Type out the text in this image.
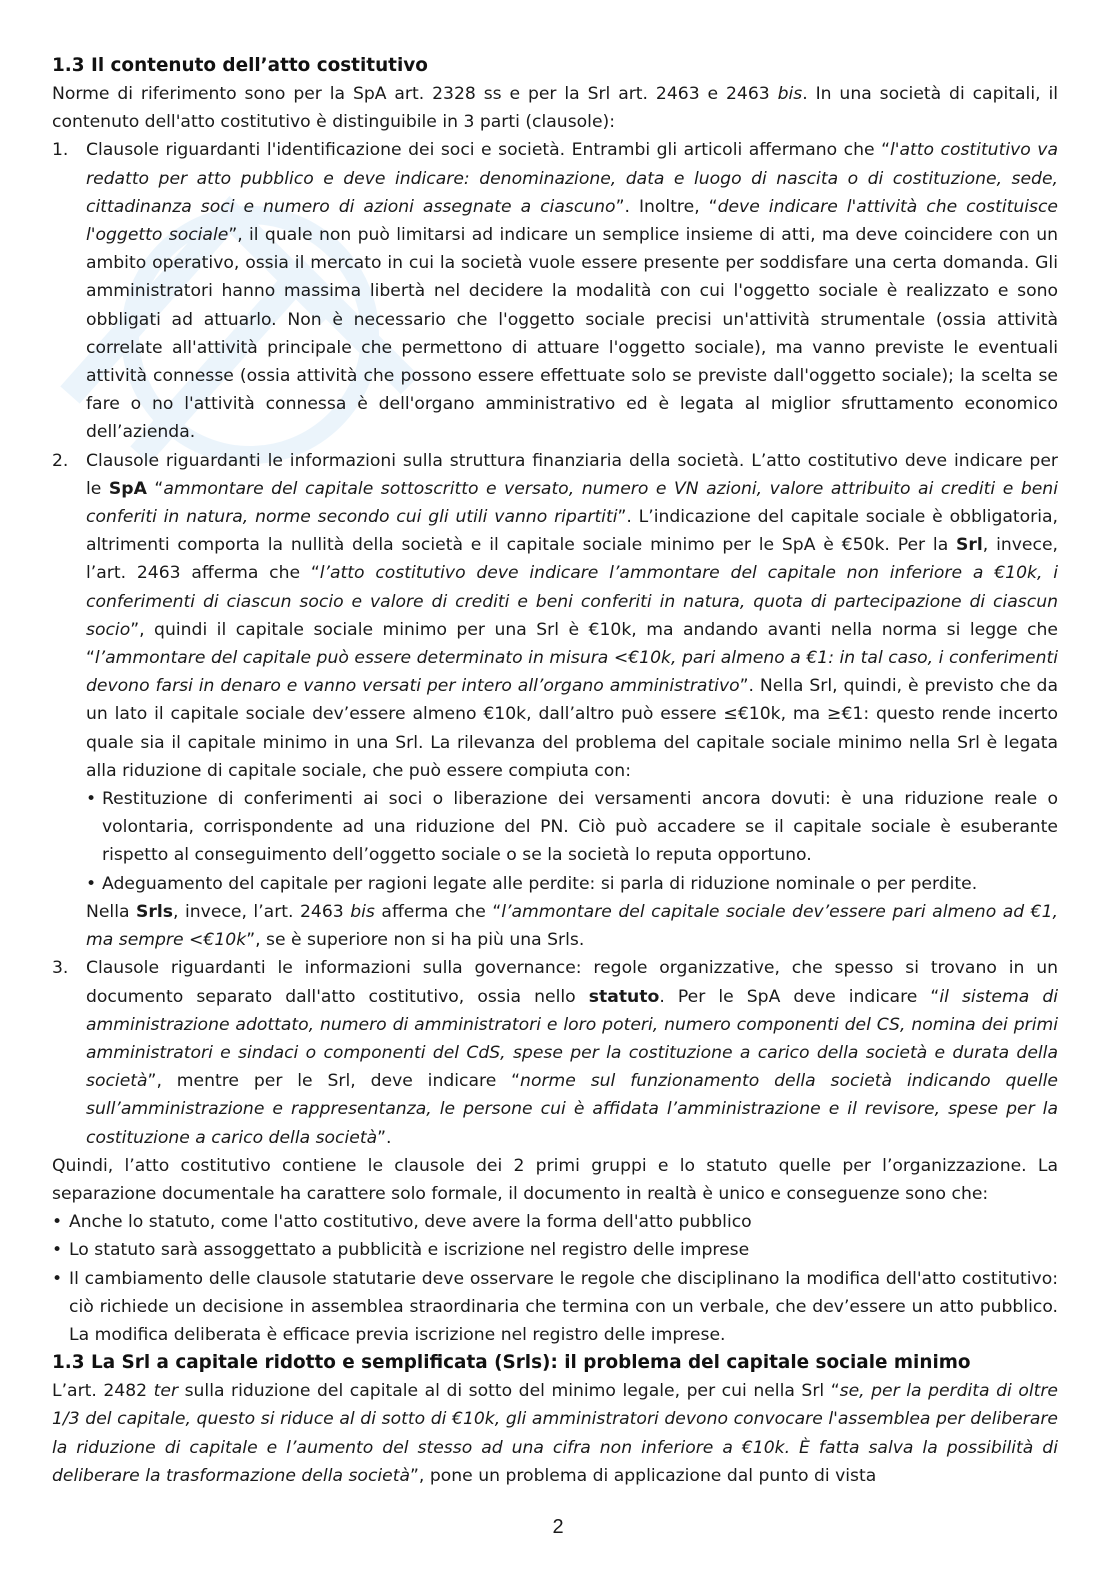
1.3 Il contenuto dell’atto costitutivo

Norme di riferimento sono per la SpA art. 2328 ss e per la Srl art. 2463 e 2463 bis. In una società di capitali, il contenuto dell'atto costitutivo è distinguibile in 3 parti (clausole):

1.	Clausole riguardanti l'identificazione dei soci e società. Entrambi gli articoli affermano che “l'atto costitutivo va redatto per atto pubblico e deve indicare: denominazione, data e luogo di nascita o di costituzione, sede, cittadinanza soci e numero di azioni assegnate a ciascuno”. Inoltre, “deve indicare l'attività che costituisce l'oggetto sociale”, il quale non può limitarsi ad indicare un semplice insieme di atti, ma deve coincidere con un ambito operativo, ossia il mercato in cui la società vuole essere presente per soddisfare una certa domanda. Gli amministratori hanno massima libertà nel decidere la modalità con cui l'oggetto sociale è realizzato e sono obbligati ad attuarlo. Non è necessario che l'oggetto sociale precisi un'attività strumentale (ossia attività correlate all'attività principale che permettono di attuare l'oggetto sociale), ma vanno previste le eventuali attività connesse (ossia attività che possono essere effettuate solo se previste dall'oggetto sociale); la scelta se fare o no l'attività connessa è dell'organo amministrativo ed è legata al miglior sfruttamento economico dell’azienda.
2.	Clausole riguardanti le informazioni sulla struttura finanziaria della società. L’atto costitutivo deve indicare per le SpA “ammontare del capitale sottoscritto e versato, numero e VN azioni, valore attribuito ai crediti e beni conferiti in natura, norme secondo cui gli utili vanno ripartiti”. L’indicazione del capitale sociale è obbligatoria, altrimenti comporta la nullità della società e il capitale sociale minimo per le SpA è €50k. Per la Srl, invece, l’art. 2463 afferma che “l’atto costitutivo deve indicare l’ammontare del capitale non inferiore a €10k, i conferimenti di ciascun socio e valore di crediti e beni conferiti in natura, quota di partecipazione di ciascun socio”, quindi il capitale sociale minimo per una Srl è €10k, ma andando avanti nella norma si legge che “l’ammontare del capitale può essere determinato in misura <€10k, pari almeno a €1: in tal caso, i conferimenti devono farsi in denaro e vanno versati per intero all’organo amministrativo”. Nella Srl, quindi, è previsto che da un lato il capitale sociale dev’essere almeno €10k, dall’altro può essere ≤€10k, ma ≥€1: questo rende incerto quale sia il capitale minimo in una Srl. La rilevanza del problema del capitale sociale minimo nella Srl è legata alla riduzione di capitale sociale, che può essere compiuta con:

• Restituzione di conferimenti ai soci o liberazione dei versamenti ancora dovuti: è una riduzione reale o volontaria, corrispondente ad una riduzione del PN. Ciò può accadere se il capitale sociale è esuberante rispetto al conseguimento dell’oggetto sociale o se la società lo reputa opportuno.
• Adeguamento del capitale per ragioni legate alle perdite: si parla di riduzione nominale o per perdite.

Nella Srls, invece, l’art. 2463 bis afferma che “l’ammontare del capitale sociale dev’essere pari almeno ad €1, ma sempre <€10k”, se è superiore non si ha più una Srls.

3.	Clausole riguardanti le informazioni sulla governance: regole organizzative, che spesso si trovano in un documento separato dall'atto costitutivo, ossia nello statuto. Per le SpA deve indicare “il sistema di amministrazione adottato, numero di amministratori e loro poteri, numero componenti del CS, nomina dei primi amministratori e sindaci o componenti del CdS, spese per la costituzione a carico della società e durata della società”, mentre per le Srl, deve indicare “norme sul funzionamento della società indicando quelle sull’amministrazione e rappresentanza, le persone cui è affidata l’amministrazione e il revisore, spese per la costituzione a carico della società”.

Quindi, l’atto costitutivo contiene le clausole dei 2 primi gruppi e lo statuto quelle per l’organizzazione. La separazione documentale ha carattere solo formale, il documento in realtà è unico e conseguenze sono che:

• Anche lo statuto, come l'atto costitutivo, deve avere la forma dell'atto pubblico
• Lo statuto sarà assoggettato a pubblicità e iscrizione nel registro delle imprese
• Il cambiamento delle clausole statutarie deve osservare le regole che disciplinano la modifica dell'atto costitutivo: ciò richiede un decisione in assemblea straordinaria che termina con un verbale, che dev’essere un atto pubblico. La modifica deliberata è efficace previa iscrizione nel registro delle imprese.
1.3 La Srl a capitale ridotto e semplificata (Srls): il problema del capitale sociale minimo

L’art. 2482 ter sulla riduzione del capitale al di sotto del minimo legale, per cui nella Srl “se, per la perdita di oltre 1/3 del capitale, questo si riduce al di sotto di €10k, gli amministratori devono convocare l'assemblea per deliberare la riduzione di capitale e l’aumento del stesso ad una cifra non inferiore a €10k. È fatta salva la possibilità di deliberare la trasformazione della società”, pone un problema di applicazione dal punto di vista

2
